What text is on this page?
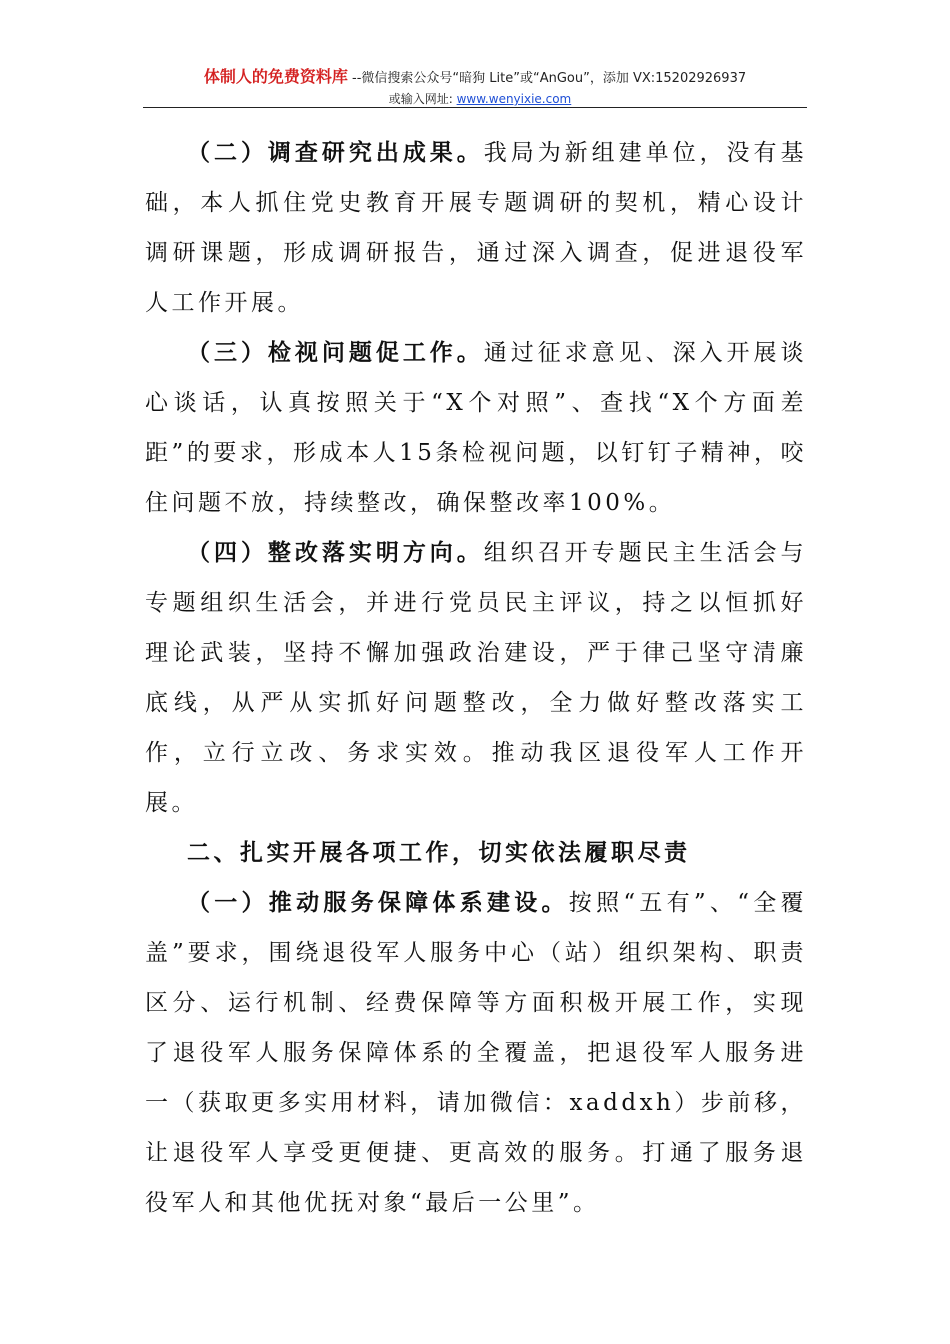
体制人的免费资料库 --微信搜索公众号“暗狗 Lite”或“AnGou”，添加 VX:15202926937
或输入网址: www.wenyixie.com

（二）调查研究出成果。我局为新组建单位，没有基础，本人抓住党史教育开展专题调研的契机，精心设计调研课题，形成调研报告，通过深入调查，促进退役军人工作开展。

（三）检视问题促工作。通过征求意见、深入开展谈心谈话，认真按照关于“X个对照”、查找“X个方面差距”的要求，形成本人15条检视问题，以钉钉子精神，咬住问题不放，持续整改，确保整改率100%。

（四）整改落实明方向。组织召开专题民主生活会与专题组织生活会，并进行党员民主评议，持之以恒抓好理论武装，坚持不懈加强政治建设，严于律己坚守清廉底线，从严从实抓好问题整改，全力做好整改落实工作，立行立改、务求实效。推动我区退役军人工作开展。

二、扎实开展各项工作，切实依法履职尽责

（一）推动服务保障体系建设。按照“五有”、“全覆盖”要求，围绕退役军人服务中心（站）组织架构、职责区分、运行机制、经费保障等方面积极开展工作，实现了退役军人服务保障体系的全覆盖，把退役军人服务进一（获取更多实用材料，请加微信：xaddxh）步前移，让退役军人享受更便捷、更高效的服务。打通了服务退役军人和其他优抚对象“最后一公里”。
